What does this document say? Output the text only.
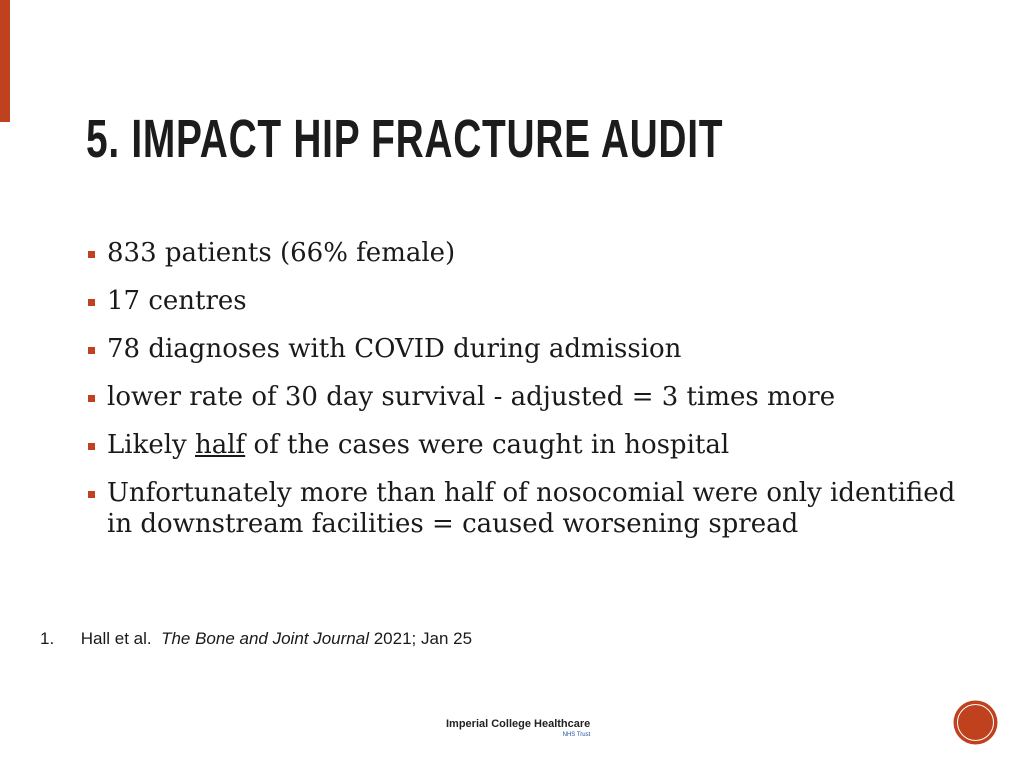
5. IMPACT HIP FRACTURE AUDIT
833 patients (66% female)
17 centres
78 diagnoses with COVID during admission
lower rate of 30 day survival - adjusted = 3 times more
Likely half of the cases were caught in hospital
Unfortunately more than half of nosocomial were only identified in downstream facilities = caused worsening spread
1. Hall et al. The Bone and Joint Journal 2021; Jan 25
Imperial College Healthcare
NHS Trust
